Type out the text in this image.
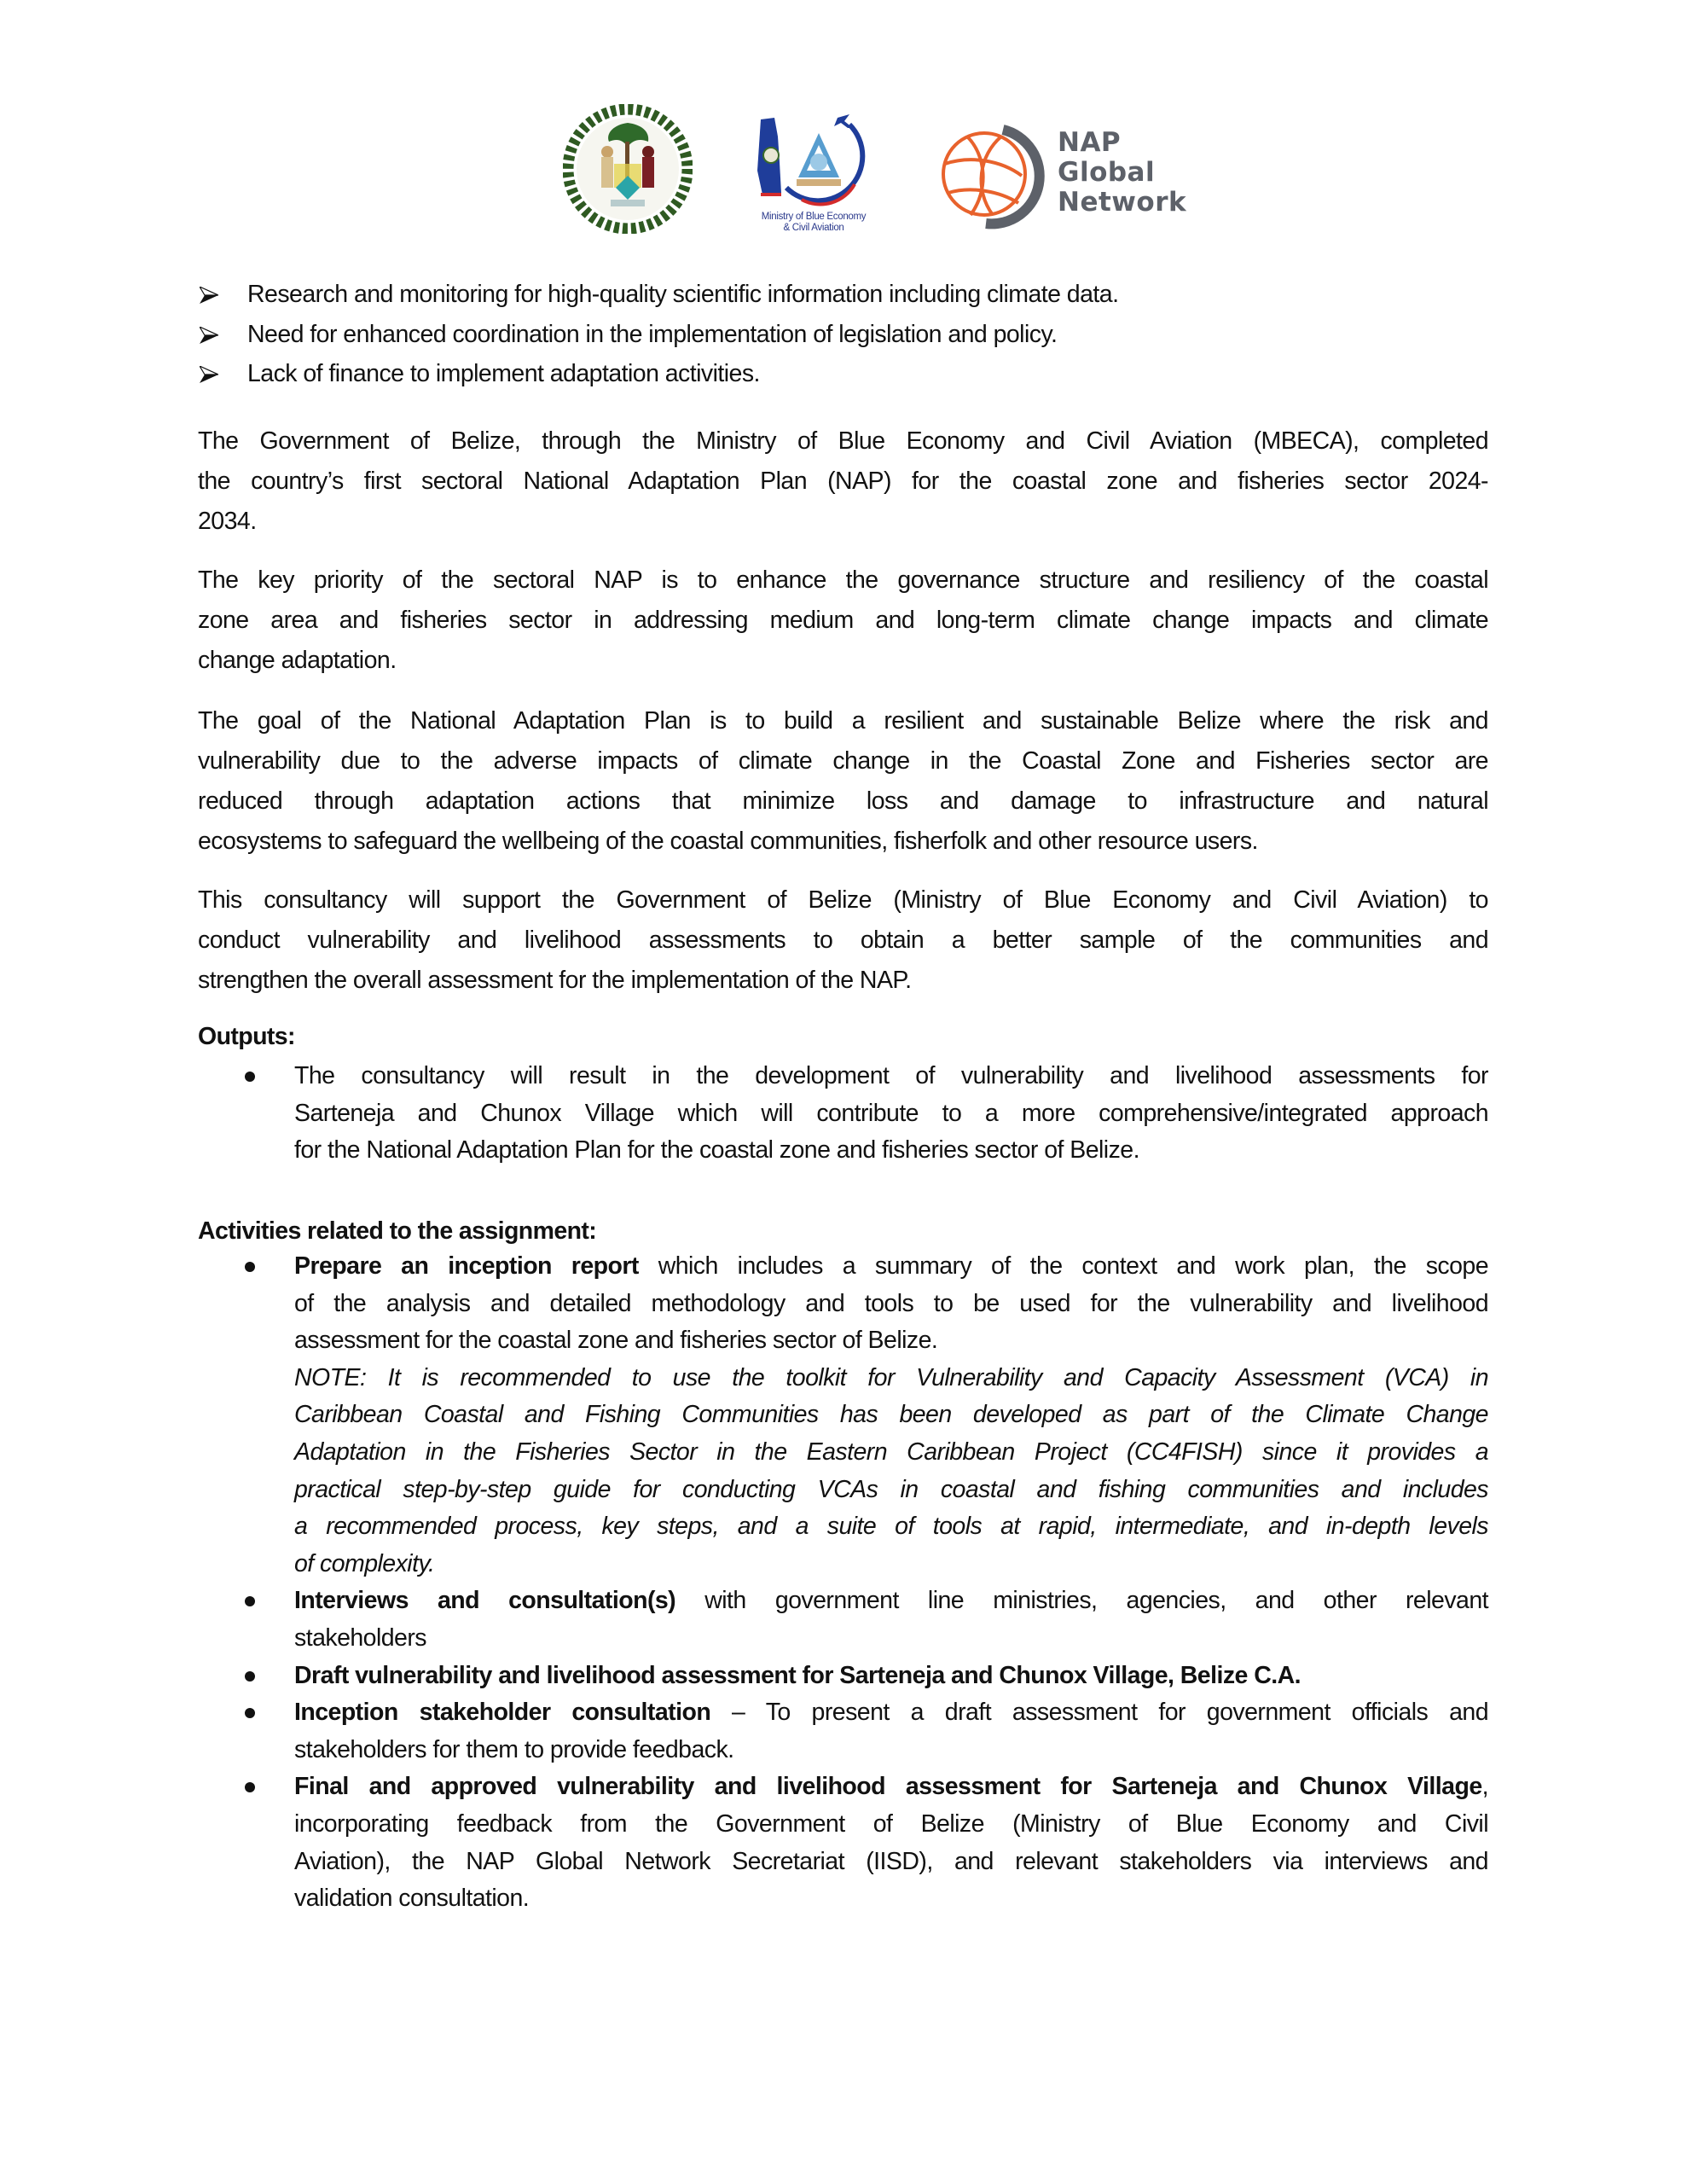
Ministry of Blue Economy
& Civil Aviation
NAP
Global
Network
Research and monitoring for high-quality scientific information including climate data.
Need for enhanced coordination in the implementation of legislation and policy.
Lack of finance to implement adaptation activities.
The Government of Belize, through the Ministry of Blue Economy and Civil Aviation (MBECA), completed
the country’s first sectoral National Adaptation Plan (NAP) for the coastal zone and fisheries sector 2024-
2034.
The key priority of the sectoral NAP is to enhance the governance structure and resiliency of the coastal
zone area and fisheries sector in addressing medium and long-term climate change impacts and climate
change adaptation.
The goal of the National Adaptation Plan is to build a resilient and sustainable Belize where the risk and
vulnerability due to the adverse impacts of climate change in the Coastal Zone and Fisheries sector are
reduced through adaptation actions that minimize loss and damage to infrastructure and natural
ecosystems to safeguard the wellbeing of the coastal communities, fisherfolk and other resource users.
This consultancy will support the Government of Belize (Ministry of Blue Economy and Civil Aviation) to
conduct vulnerability and livelihood assessments to obtain a better sample of the communities and
strengthen the overall assessment for the implementation of the NAP.
Outputs:
The consultancy will result in the development of vulnerability and livelihood assessments for
Sarteneja and Chunox Village which will contribute to a more comprehensive/integrated approach
for the National Adaptation Plan for the coastal zone and fisheries sector of Belize.
Activities related to the assignment:
Prepare an inception report which includes a summary of the context and work plan, the scope
of the analysis and detailed methodology and tools to be used for the vulnerability and livelihood
assessment for the coastal zone and fisheries sector of Belize.
NOTE: It is recommended to use the toolkit for Vulnerability and Capacity Assessment (VCA) in
Caribbean Coastal and Fishing Communities has been developed as part of the Climate Change
Adaptation in the Fisheries Sector in the Eastern Caribbean Project (CC4FISH) since it provides a
practical step-by-step guide for conducting VCAs in coastal and fishing communities and includes
a recommended process, key steps, and a suite of tools at rapid, intermediate, and in-depth levels
of complexity.
Interviews and consultation(s) with government line ministries, agencies, and other relevant
stakeholders
Draft vulnerability and livelihood assessment for Sarteneja and Chunox Village, Belize C.A.
Inception stakeholder consultation – To present a draft assessment for government officials and
stakeholders for them to provide feedback.
Final and approved vulnerability and livelihood assessment for Sarteneja and Chunox Village,
incorporating feedback from the Government of Belize (Ministry of Blue Economy and Civil
Aviation), the NAP Global Network Secretariat (IISD), and relevant stakeholders via interviews and
validation consultation.
